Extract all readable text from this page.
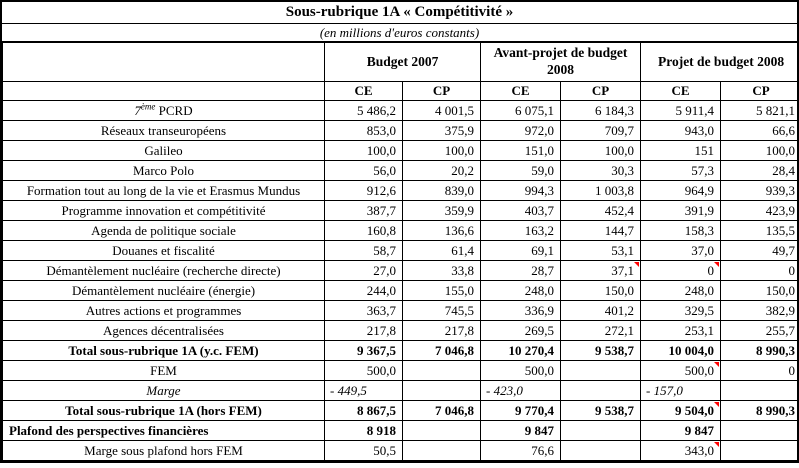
Sous-rubrique 1A « Compétitivité »
(en millions d'euros constants)
	Budget 2007		Avant-projet de budget 2008		Projet de budget 2008	
	CE	CP	CE	CP	CE	CP
7ème PCRD	5 486,2	4 001,5	6 075,1	6 184,3	5 911,4	5 821,1
Réseaux transeuropéens	853,0	375,9	972,0	709,7	943,0	66,6
Galileo	100,0	100,0	151,0	100,0	151	100,0
Marco Polo	56,0	20,2	59,0	30,3	57,3	28,4
Formation tout au long de la vie et Erasmus Mundus	912,6	839,0	994,3	1 003,8	964,9	939,3
Programme innovation et compétitivité	387,7	359,9	403,7	452,4	391,9	423,9
Agenda de politique sociale	160,8	136,6	163,2	144,7	158,3	135,5
Douanes et fiscalité	58,7	61,4	69,1	53,1	37,0	49,7
Démantèlement nucléaire (recherche directe)	27,0	33,8	28,7	37,1	0	0
Démantèlement nucléaire (énergie)	244,0	155,0	248,0	150,0	248,0	150,0
Autres actions et programmes	363,7	745,5	336,9	401,2	329,5	382,9
Agences décentralisées	217,8	217,8	269,5	272,1	253,1	255,7
Total sous-rubrique 1A (y.c. FEM)	9 367,5	7 046,8	10 270,4	9 538,7	10 004,0	8 990,3
FEM	500,0		500,0		500,0	0
Marge	- 449,5		- 423,0		- 157,0	
Total sous-rubrique 1A (hors FEM)	8 867,5	7 046,8	9 770,4	9 538,7	9 504,0	8 990,3
Plafond des perspectives financières	8 918		9 847		9 847	
Marge sous plafond hors FEM	50,5		76,6		343,0	
